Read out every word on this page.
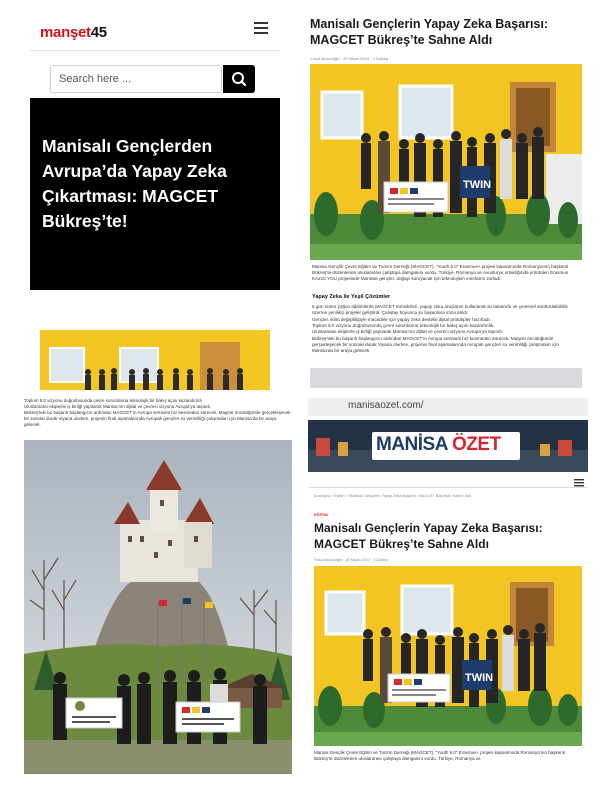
manşet45
Search here ...
Manisalı Gençlerden Avrupa’da Yapay Zeka Çıkartması: MAGCET Bükreş’te!
Manisalı Gençlerin Yapay Zeka Başarısı: MAGCET Bükreş’te Sahne Aldı
Yusuf Akıncıoğlu · 25 Nisan 2024 · 3 Dakika
TWIN
Manisa Gençlik Çevre Eğitim ve Turizm Derneği (MAGCET), “Youth 5.0” Erasmus+ projesi kapsamında Romanya’nın başkenti Bükreş’te düzenlenen uluslararası çalıştaya damgasını vurdu. Türkiye, Romanya ve Avusturya ortaklığında yürütülen Erasmus KA210 YOU projesinde Manisalı gençler, doğayı koruyacak için teknolojinin sınırlarını zorladı.
Yapay Zeka ile Yeşil Çözümler
5 gün süren yoğun eğitimlerde MAGCET temsilcileri, yapay zeka araçlarını kullanarak su tasarrufu ve çevresel sürdürülebilirlik üzerine yenilikçi projeler geliştirdi. Çalıştay boyunca şu başarılara imza atıldı:
Gençler, iklim değişikliğiyle mücadele için yapay zeka destekli dijital prototipler hazırladı.
Toplum 5.0 vizyonu doğrultusunda çevre sorunlarına teknolojik bir bakış açısı kazandırıldı.
Uluslararası ekiplerle iş birliği yapılarak Manisa’nın dijital ve çevreci vizyonu Avrupa’ya taşındı.
Bükreş’teki bu başarılı başlangıcın ardından MAGCET’in Avrupa serüveni hız kesmeden sürecek. Magcet öncülüğünde gerçekleşecek bir sonraki durak Viyana olurken, projenin final aşamalarında Avrupalı gençleri su verimliliği çalışmaları için Manisa’da bir araya gelecek.
Toplum 5.0 vizyonu doğrultusunda çevre sorunlarına teknolojik bir bakış açısı kazandırıldı.
Uluslararası ekiplerle iş birliği yapılarak Manisa’nın dijital ve çevreci vizyonu Avrupa’ya taşındı.
Bükreş’teki bu başarılı başlangıcın ardından MAGCET’in Avrupa serüveni hız kesmeden sürecek. Magcet öncülüğünde gerçekleşecek bir sonraki durak Viyana olurken, projenin final aşamalarında Avrupalı gençleri su verimliliği çalışmaları için Manisa’da bir araya gelecek.
manisaozet.com/
MANİSA ÖZET
Anasayfa > Eğitim > Manisalı Gençlerin Yapay Zeka Başarısı: MAGCET Bükreş’te Sahne Aldı
EĞİTİM
Manisalı Gençlerin Yapay Zeka Başarısı: MAGCET Bükreş’te Sahne Aldı
Yusuf Akıncıoğlu · 25 Nisan 2024 · 3 Dakika
TWIN
Manisa Gençlik Çevre Eğitim ve Turizm Derneği (MAGCET), “Youth 5.0” Erasmus+ projesi kapsamında Romanya’nın başkenti Bükreş’te düzenlenen uluslararası çalıştaya damgasını vurdu. Türkiye, Romanya ve
